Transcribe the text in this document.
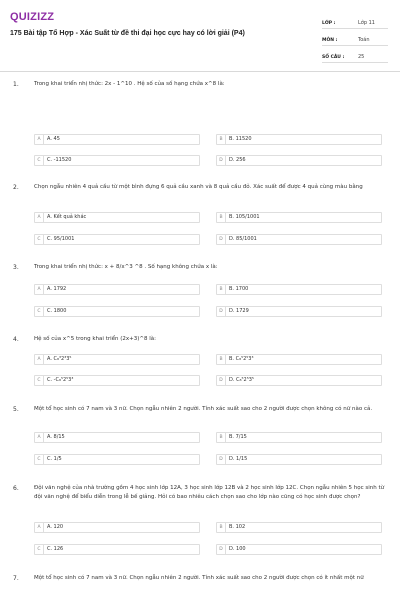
QUIZIZZ
175 Bài tập Tổ Hợp - Xác Suất từ đề thi đại học cực hay có lời giải (P4)
LỚP :	Lớp 11
MÔN :	Toán
SỐ CÂU :	25
1.	Trong khai triển nhị thức: 2x - 1^10 . Hệ số của số hạng chứa x^8 là:
A	A. 45	B	B. 11520
C	C. -11520	D	D. 256
2.	Chọn ngẫu nhiên 4 quả cầu từ một bình đựng 6 quả cầu xanh và 8 quả cầu đỏ. Xác suất để được 4 quả cùng màu bằng
A	A. Kết quả khác	B	B. 105/1001
C	C. 95/1001	D	D. 85/1001
3.	Trong khai triển nhị thức: x + 8/x^3 ^8 . Số hạng không chứa x là:
A	A. 1792	B	B. 1700
C	C. 1800	D	D. 1729
4.	Hệ số của x^5 trong khai triển (2x+3)^8 là:
A	A. C₈³2³3⁵	B	B. C₈⁵2⁵3³
C	C. -C₈⁵2⁵3³	D	D. C₈⁵2⁵3⁵
5.	Một tổ học sinh có 7 nam và 3 nữ. Chọn ngẫu nhiên 2 người. Tính xác suất sao cho 2 người được chọn không có nữ nào cả.
A	A. 8/15	B	B. 7/15
C	C. 1/5	D	D. 1/15
6.	Đội văn nghệ của nhà trường gồm 4 học sinh lớp 12A, 3 học sinh lớp 12B và 2 học sinh lớp 12C. Chọn ngẫu nhiên 5 học sinh từ đội văn nghệ để biểu diễn trong lễ bế giảng. Hỏi có bao nhiêu cách chọn sao cho lớp nào cũng có học sinh được chọn?
A	A. 120	B	B. 102
C	C. 126	D	D. 100
7.	Một tổ học sinh có 7 nam và 3 nữ. Chọn ngẫu nhiên 2 người. Tính xác suất sao cho 2 người được chọn có ít nhất một nữ
